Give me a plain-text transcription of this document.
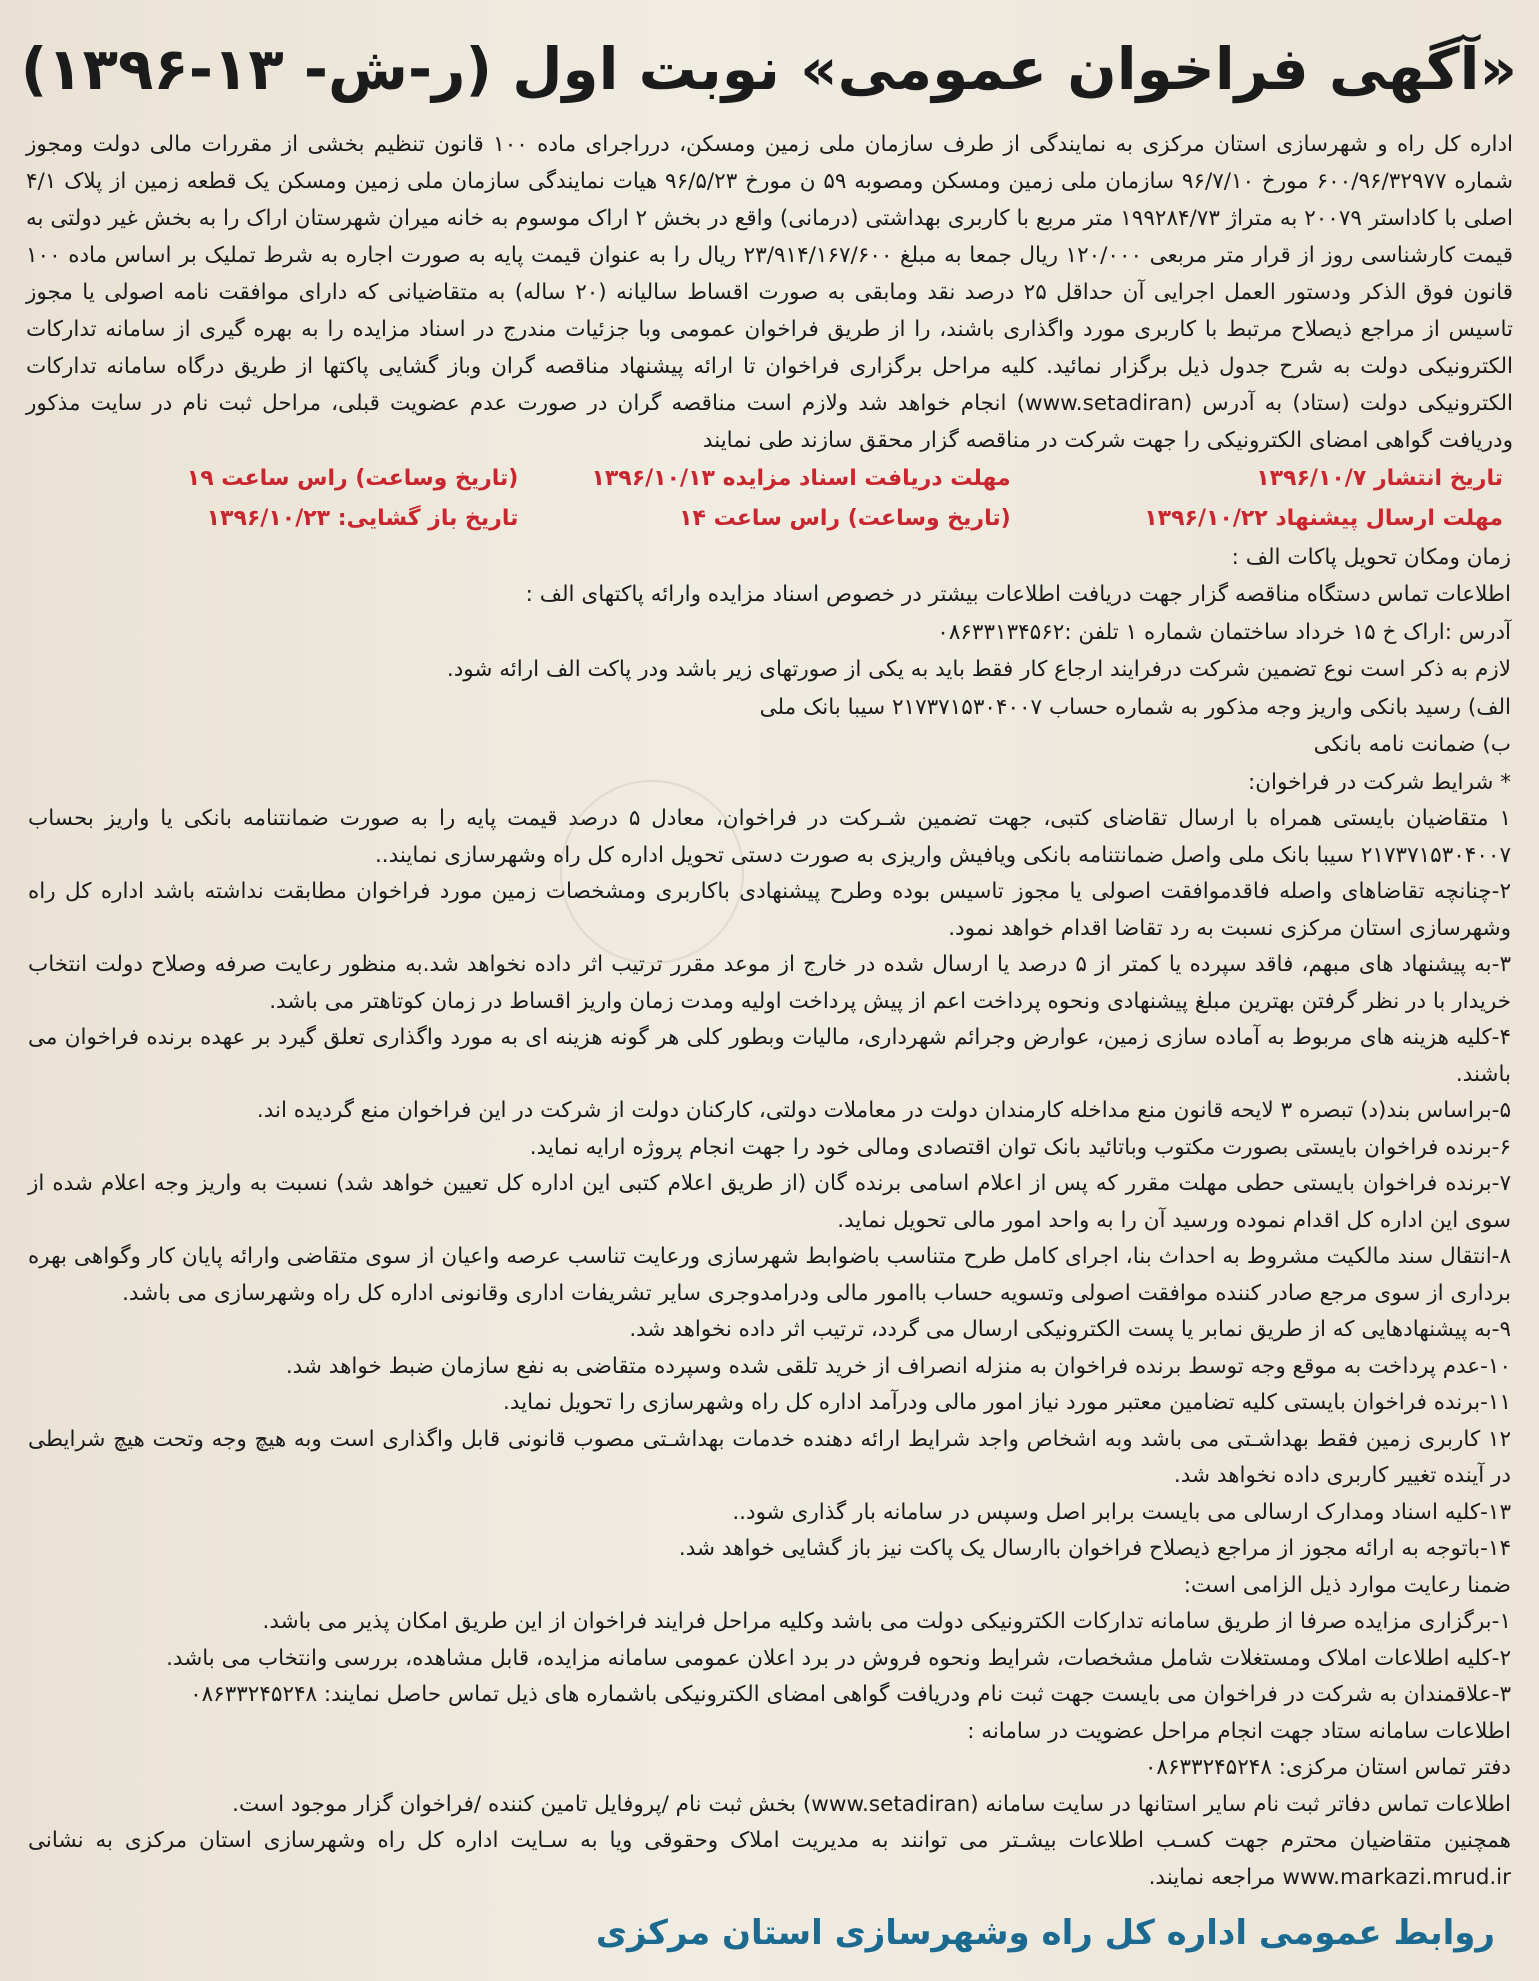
«آگهی فراخوان عمومی» نوبت اول (ر-ش- ۱۳-۱۳۹۶)
اداره کل راه و شهرسازی استان مرکزی به نمایندگی از طرف سازمان ملی زمین ومسکن، درراجرای ماده ۱۰۰ قانون تنظیم بخشی از مقررات مالی دولت ومجوز شماره ۶۰۰/۹۶/۳۲۹۷۷ مورخ ۹۶/۷/۱۰ سازمان ملی زمین ومسکن ومصوبه ۵۹ ن مورخ ۹۶/۵/۲۳ هیات نمایندگی سازمان ملی زمین ومسکن یک قطعه زمین از پلاک ۴/۱ اصلی با کاداستر ۲۰۰۷۹ به متراژ ۱۹۹۲۸۴/۷۳ متر مربع با کاربری بهداشتی (درمانی) واقع در بخش ۲ اراک موسوم به خانه میران شهرستان اراک را به بخش غیر دولتی به قیمت کارشناسی روز از قرار متر مربعی ۱۲۰/۰۰۰ ریال جمعا به مبلغ ۲۳/۹۱۴/۱۶۷/۶۰۰ ریال را به عنوان قیمت پایه به صورت اجاره به شرط تملیک بر اساس ماده ۱۰۰ قانون فوق الذکر ودستور العمل اجرایی آن حداقل ۲۵ درصد نقد ومابقی به صورت اقساط سالیانه (۲۰ ساله) به متقاضیانی که دارای موافقت نامه اصولی یا مجوز تاسیس از مراجع ذیصلاح مرتبط با کاربری مورد واگذاری باشند، را از طریق فراخوان عمومی وبا جزئیات مندرج در اسناد مزایده را به بهره گیری از سامانه تدارکات الکترونیکی دولت به شرح جدول ذیل برگزار نمائید. کلیه مراحل برگزاری فراخوان تا ارائه پیشنهاد مناقصه گران وباز گشایی پاکتها از طریق درگاه سامانه تدارکات الکترونیکی دولت (ستاد) به آدرس (www.setadiran) انجام خواهد شد ولازم است مناقصه گران در صورت عدم عضویت قبلی، مراحل ثبت نام در سایت مذکور ودریافت گواهی امضای الکترونیکی را جهت شرکت در مناقصه گزار محقق سازند طی نمایند
تاریخ انتشار ۱۳۹۶/۱۰/۷
مهلت دریافت اسناد مزایده ۱۳۹۶/۱۰/۱۳
(تاریخ وساعت) راس ساعت ۱۹
مهلت ارسال پیشنهاد ۱۳۹۶/۱۰/۲۲
(تاریخ وساعت) راس ساعت ۱۴
تاریخ باز گشایی: ۱۳۹۶/۱۰/۲۳
زمان ومکان تحویل پاکات الف :
اطلاعات تماس دستگاه مناقصه گزار جهت دریافت اطلاعات بیشتر در خصوص اسناد مزایده وارائه پاکتهای الف :
آدرس :اراک خ ۱۵ خرداد ساختمان شماره ۱ تلفن :۰۸۶۳۳۱۳۴۵۶۲
لازم به ذکر است نوع تضمین شرکت درفرایند ارجاع کار فقط باید به یکی از صورتهای زیر باشد ودر پاکت الف ارائه شود.
الف) رسید بانکی واریز وجه مذکور به شماره حساب ۲۱۷۳۷۱۵۳۰۴۰۰۷ سیبا بانک ملی
ب) ضمانت نامه بانکی
* شرایط شرکت در فراخوان:

۱ متقاضیان بایستی همراه با ارسال تقاضای کتبی، جهت تضمین شـرکت در فراخوان، معادل ۵ درصد قیمت پایه را به صورت ضمانتنامه بانکی یا واریز بحساب ۲۱۷۳۷۱۵۳۰۴۰۰۷ سیبا بانک ملی واصل ضمانتنامه بانکی ویافیش واریزی به صورت دستی تحویل اداره کل راه وشهرسازی نمایند..

۲-چنانچه تقاضاهای واصله فاقدموافقت اصولی یا مجوز تاسیس بوده وطرح پیشنهادی باکاربری ومشخصات زمین مورد فراخوان مطابقت نداشته باشد اداره کل راه وشهرسازی استان مرکزی نسبت به رد تقاضا اقدام خواهد نمود.

۳-به پیشنهاد های مبهم، فاقد سپرده یا کمتر از ۵ درصد یا ارسال شده در خارج از موعد مقرر ترتیب اثر داده نخواهد شد.به منظور رعایت صرفه وصلاح دولت انتخاب خریدار با در نظر گرفتن بهترین مبلغ پیشنهادی ونحوه پرداخت اعم از پیش پرداخت اولیه ومدت زمان واریز اقساط در زمان کوتاهتر می باشد.

۴-کلیه هزینه های مربوط به آماده سازی زمین، عوارض وجرائم شهرداری، مالیات وبطور کلی هر گونه هزینه ای به مورد واگذاری تعلق گیرد بر عهده برنده فراخوان می باشند.

۵-براساس بند(د) تبصره ۳ لایحه قانون منع مداخله کارمندان دولت در معاملات دولتی، کارکنان دولت از شرکت در این فراخوان منع گردیده اند.

۶-برنده فراخوان بایستی بصورت مکتوب وباتائید بانک توان اقتصادی ومالی خود را جهت انجام پروژه ارایه نماید.

۷-برنده فراخوان بایستی حطی مهلت مقرر که پس از اعلام اسامی برنده گان (از طریق اعلام کتبی این اداره کل تعیین خواهد شد) نسبت به واریز وجه اعلام شده از سوی این اداره کل اقدام نموده ورسید آن را به واحد امور مالی تحویل نماید.

۸-انتقال سند مالکیت مشروط به احداث بنا، اجرای کامل طرح متناسب باضوابط شهرسازی ورعایت تناسب عرصه واعیان از سوی متقاضی وارائه پایان کار وگواهی بهره برداری از سوی مرجع صادر کننده موافقت اصولی وتسویه حساب باامور مالی ودرامدوجری سایر تشریفات اداری وقانونی اداره کل راه وشهرسازی می باشد.

۹-به پیشنهادهایی که از طریق نمابر یا پست الکترونیکی ارسال می گردد، ترتیب اثر داده نخواهد شد.

۱۰-عدم پرداخت به موقع وجه توسط برنده فراخوان به منزله انصراف از خرید تلقی شده وسپرده متقاضی به نفع سازمان ضبط خواهد شد.

۱۱-برنده فراخوان بایستی کلیه تضامین معتبر مورد نیاز امور مالی ودرآمد اداره کل راه وشهرسازی را تحویل نماید.

۱۲ کاربری زمین فقط بهداشـتی می باشد وبه اشخاص واجد شرایط ارائه دهنده خدمات بهداشـتی مصوب قانونی قابل واگذاری است وبه هیچ وجه وتحت هیچ شرایطی در آینده تغییر کاربری داده نخواهد شد.

۱۳-کلیه اسناد ومدارک ارسالی می بایست برابر اصل وسپس در سامانه بار گذاری شود..

۱۴-باتوجه به ارائه مجوز از مراجع ذیصلاح فراخوان باارسال یک پاکت نیز باز گشایی خواهد شد.

ضمنا رعایت موارد ذیل الزامی است:

۱-برگزاری مزایده صرفا از طریق سامانه تدارکات الکترونیکی دولت می باشد وکلیه مراحل فرایند فراخوان از این طریق امکان پذیر می باشد.

۲-کلیه اطلاعات املاک ومستغلات شامل مشخصات، شرایط ونحوه فروش در برد اعلان عمومی سامانه مزایده، قابل مشاهده، بررسی وانتخاب می باشد.

۳-علاقمندان به شرکت در فراخوان می بایست جهت ثبت نام ودریافت گواهی امضای الکترونیکی باشماره های ذیل تماس حاصل نمایند: ۰۸۶۳۳۲۴۵۲۴۸

اطلاعات سامانه ستاد جهت انجام مراحل عضویت در سامانه :

دفتر تماس استان مرکزی: ۰۸۶۳۳۲۴۵۲۴۸

اطلاعات تماس دفاتر ثبت نام سایر استانها در سایت سامانه (www.setadiran) بخش ثبت نام /پروفایل تامین کننده /فراخوان گزار موجود است.

همچنین متقاضیان محترم جهت کسـب اطلاعات بیشـتر می توانند به مدیریت املاک وحقوقی ویا به سـایت اداره کل راه وشهرسازی استان مرکزی به نشانی www.markazi.mrud.ir مراجعه نمایند.

روابط عمومی اداره کل راه وشهرسازی استان مرکزی
